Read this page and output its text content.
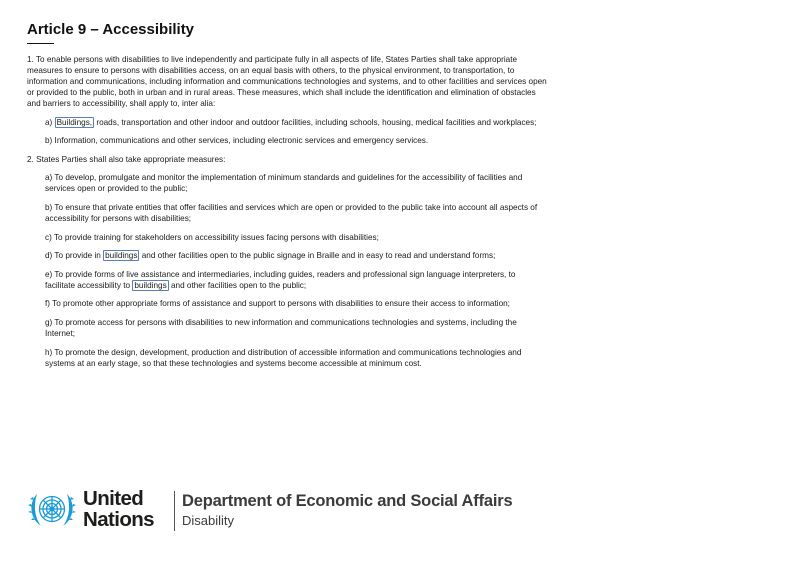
Article 9 – Accessibility

1. To enable persons with disabilities to live independently and participate fully in all aspects of life, States Parties shall take appropriate measures to ensure to persons with disabilities access, on an equal basis with others, to the physical environment, to transportation, to information and communications, including information and communications technologies and systems, and to other facilities and services open or provided to the public, both in urban and in rural areas. These measures, which shall include the identification and elimination of obstacles and barriers to accessibility, shall apply to, inter alia:

a) Buildings, roads, transportation and other indoor and outdoor facilities, including schools, housing, medical facilities and workplaces;

b) Information, communications and other services, including electronic services and emergency services.

2. States Parties shall also take appropriate measures:

a) To develop, promulgate and monitor the implementation of minimum standards and guidelines for the accessibility of facilities and services open or provided to the public;

b) To ensure that private entities that offer facilities and services which are open or provided to the public take into account all aspects of accessibility for persons with disabilities;

c) To provide training for stakeholders on accessibility issues facing persons with disabilities;

d) To provide in buildings and other facilities open to the public signage in Braille and in easy to read and understand forms;

e) To provide forms of live assistance and intermediaries, including guides, readers and professional sign language interpreters, to facilitate accessibility to buildings and other facilities open to the public;

f) To promote other appropriate forms of assistance and support to persons with disabilities to ensure their access to information;

g) To promote access for persons with disabilities to new information and communications technologies and systems, including the Internet;

h) To promote the design, development, production and distribution of accessible information and communications technologies and systems at an early stage, so that these technologies and systems become accessible at minimum cost.

United
Nations
Department of Economic and Social Affairs
Disability
